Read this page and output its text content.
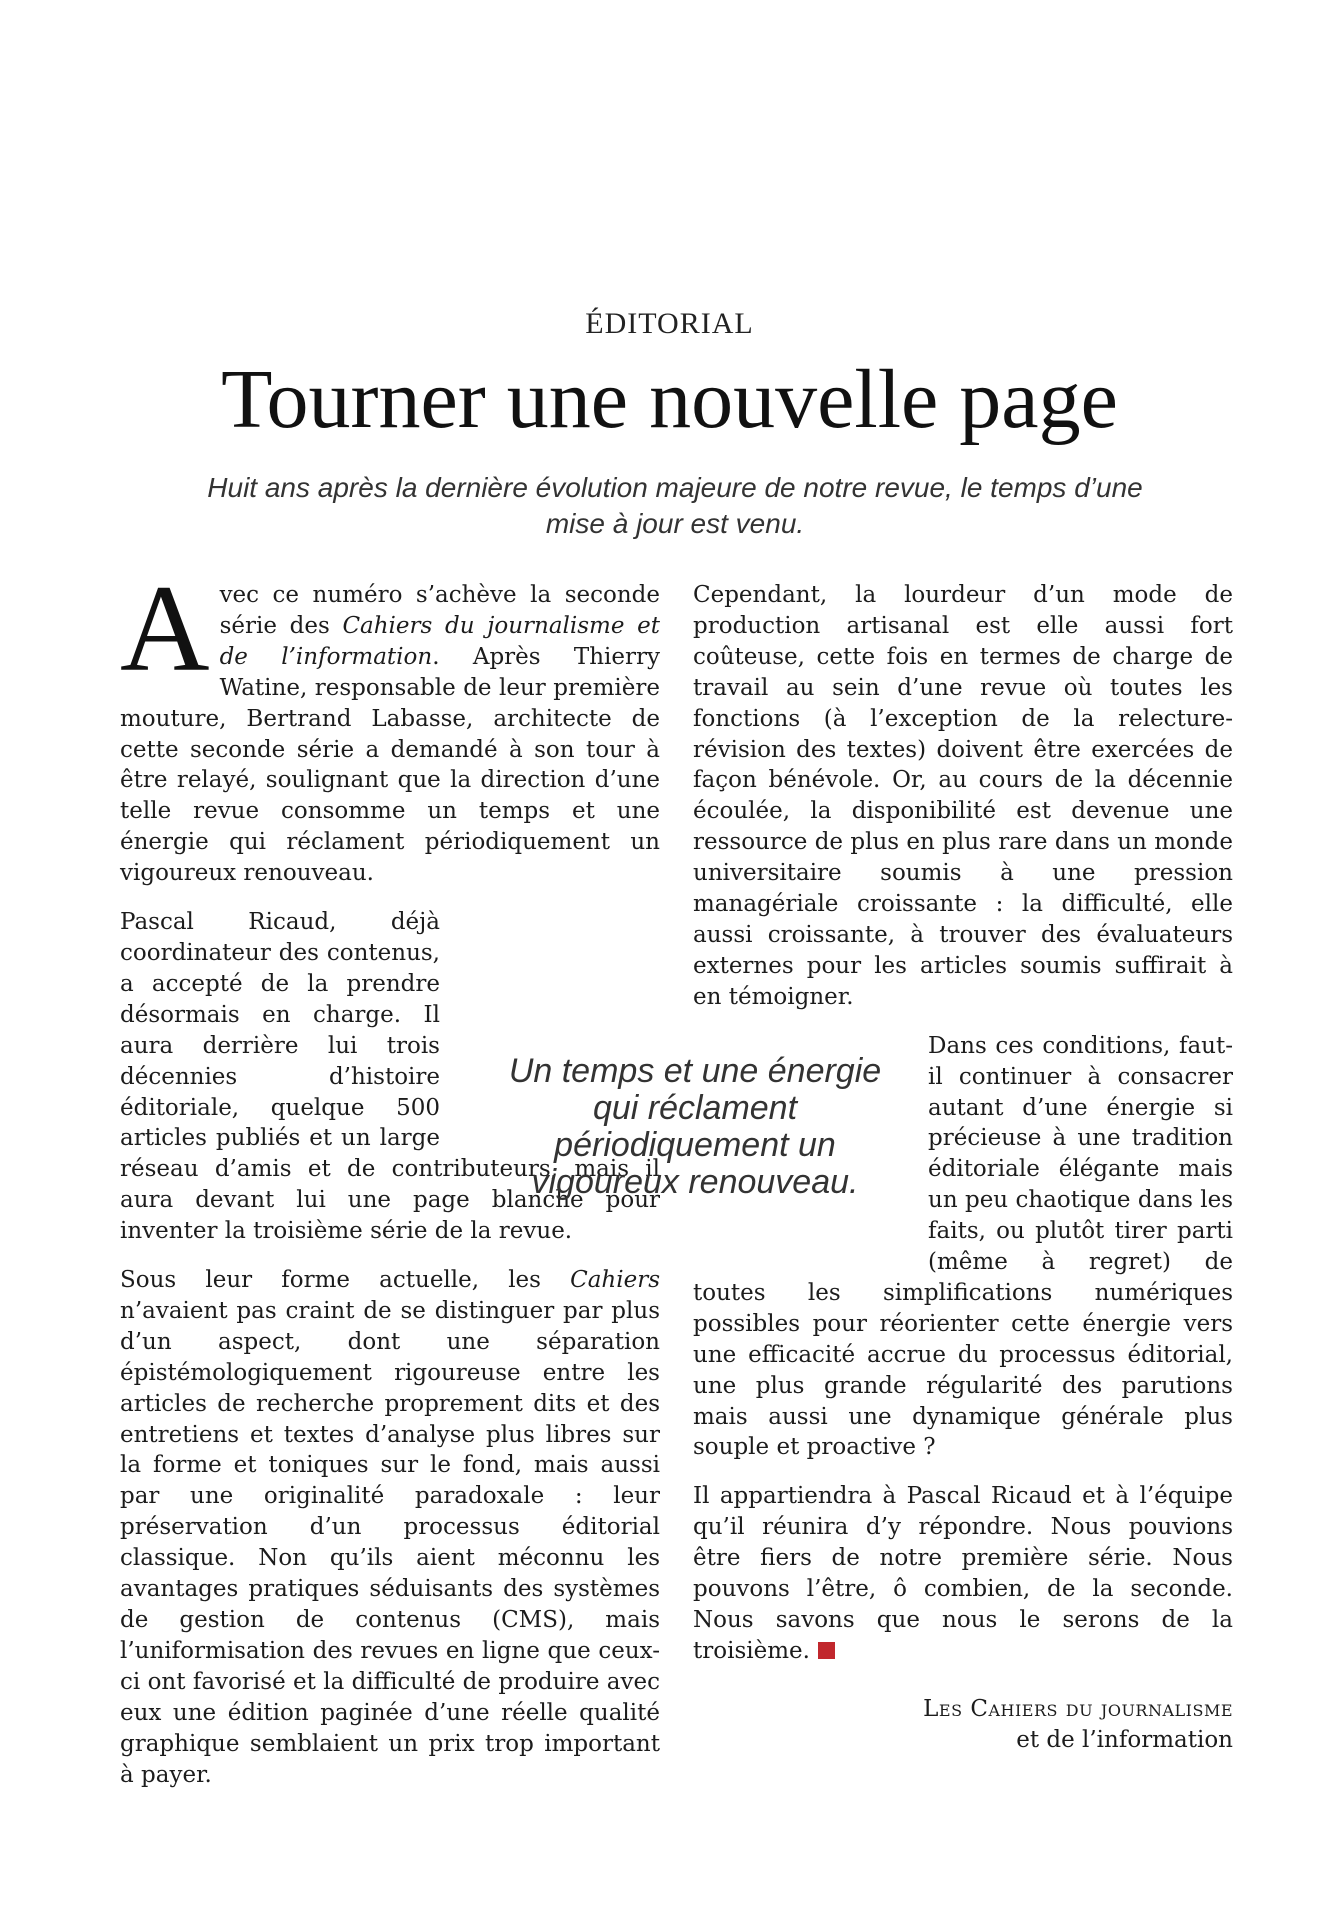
ÉDITORIAL
Tourner une nouvelle page
Huit ans après la dernière évolution majeure de notre revue, le temps d’une mise à jour est venu.

Avec ce numéro s’achève la seconde série des Cahiers du journalisme et de l’information. Après Thierry Watine, responsable de leur première mouture, Bertrand Labasse, architecte de cette seconde série a demandé à son tour à être relayé, soulignant que la direction d’une telle revue consomme un temps et une énergie qui réclament périodiquement un vigoureux renouveau.

Pascal Ricaud, déjà coordinateur des contenus, a accepté de la prendre désormais en charge. Il aura derrière lui trois décennies d’histoire éditoriale, quelque 500 articles publiés et un large réseau d’amis et de contributeurs, mais il aura devant lui une page blanche pour inventer la troisième série de la revue.

Sous leur forme actuelle, les Cahiers n’avaient pas craint de se distinguer par plus d’un aspect, dont une séparation épistémologiquement rigoureuse entre les articles de recherche proprement dits et des entretiens et textes d’analyse plus libres sur la forme et toniques sur le fond, mais aussi par une originalité paradoxale : leur préservation d’un processus éditorial classique. Non qu’ils aient méconnu les avantages pratiques séduisants des systèmes de gestion de contenus (CMS), mais l’uniformisation des revues en ligne que ceux-ci ont favorisé et la difficulté de produire avec eux une édition paginée d’une réelle qualité graphique semblaient un prix trop important à payer.

Cependant, la lourdeur d’un mode de production artisanal est elle aussi fort coûteuse, cette fois en termes de charge de travail au sein d’une revue où toutes les fonctions (à l’exception de la relecture-révision des textes) doivent être exercées de façon bénévole. Or, au cours de la décennie écoulée, la disponibilité est devenue une ressource de plus en plus rare dans un monde universitaire soumis à une pression managériale croissante : la difficulté, elle aussi croissante, à trouver des évaluateurs externes pour les articles soumis suffirait à en témoigner.

Dans ces conditions, faut-il continuer à consacrer autant d’une énergie si précieuse à une tradition éditoriale élégante mais un peu chaotique dans les faits, ou plutôt tirer parti (même à regret) de toutes les simplifications numériques possibles pour réorienter cette énergie vers une efficacité accrue du processus éditorial, une plus grande régularité des parutions mais aussi une dynamique générale plus souple et proactive ?

Il appartiendra à Pascal Ricaud et à l’équipe qu’il réunira d’y répondre. Nous pouvions être fiers de notre première série. Nous pouvons l’être, ô combien, de la seconde. Nous savons que nous le serons de la troisième.

Un temps et une énergie qui réclament périodiquement un vigoureux renouveau.
Les Cahiers du journalisme
et de l’information
